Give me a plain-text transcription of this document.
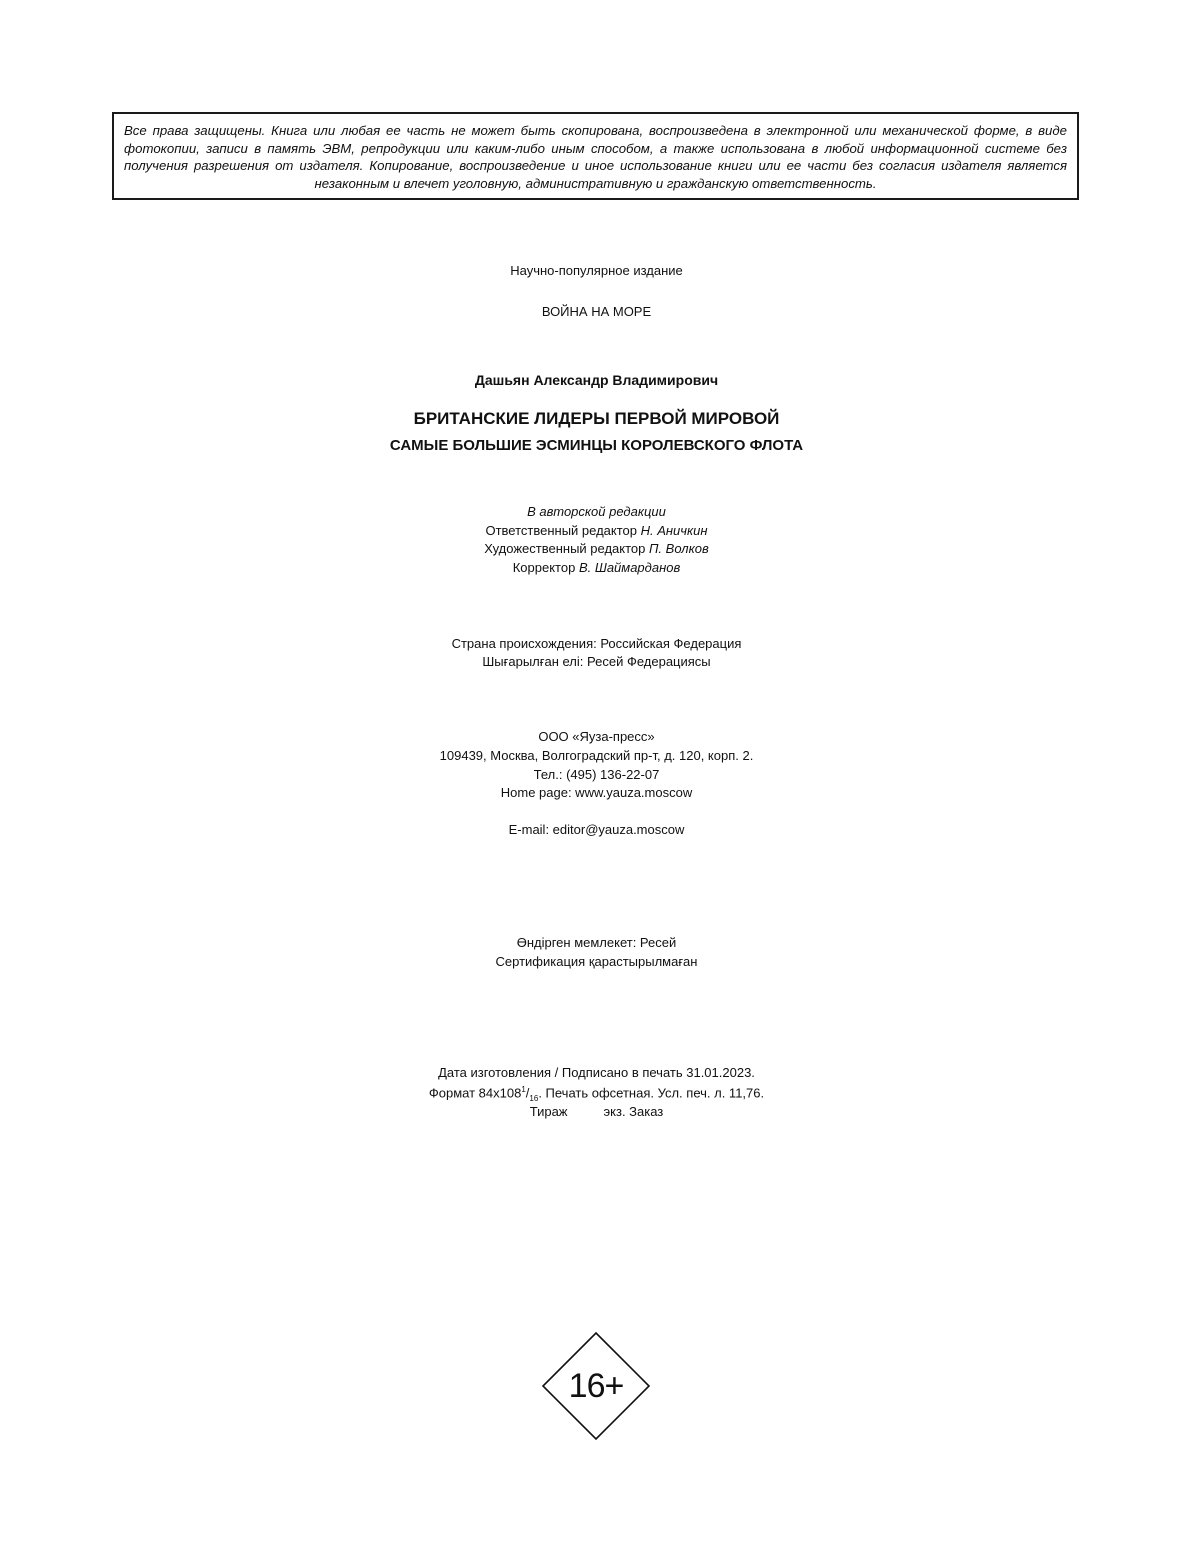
Все права защищены. Книга или любая ее часть не может быть скопирована, воспроизведена в электронной или механической форме, в виде фотокопии, записи в память ЭВМ, репродукции или каким-либо иным способом, а также использована в любой информационной системе без получения разрешения от издателя. Копирование, воспроизведение и иное использование книги или ее части без согласия издателя является незаконным и влечет уголовную, административную и гражданскую ответственность.
Научно-популярное издание
ВОЙНА НА МОРЕ
Дашьян Александр Владимирович
БРИТАНСКИЕ ЛИДЕРЫ ПЕРВОЙ МИРОВОЙ
САМЫЕ БОЛЬШИЕ ЭСМИНЦЫ КОРОЛЕВСКОГО ФЛОТА
В авторской редакции
Ответственный редактор Н. Аничкин
Художественный редактор П. Волков
Корректор В. Шаймарданов
Страна происхождения: Российская Федерация
Шығарылған елі: Ресей Федерациясы
ООО «Яуза-пресс»
109439, Москва, Волгоградский пр-т, д. 120, корп. 2.
Тел.: (495) 136-22-07
Home page: www.yauza.moscow
E-mail: editor@yauza.moscow
Өндірген мемлекет: Ресей
Сертификация қарастырылмаған
Дата изготовления / Подписано в печать 31.01.2023.
Формат $84х108^1/_{16}$. Печать офсетная. Усл. печ. л. 11,76.
Тираж	экз. Заказ
16+
